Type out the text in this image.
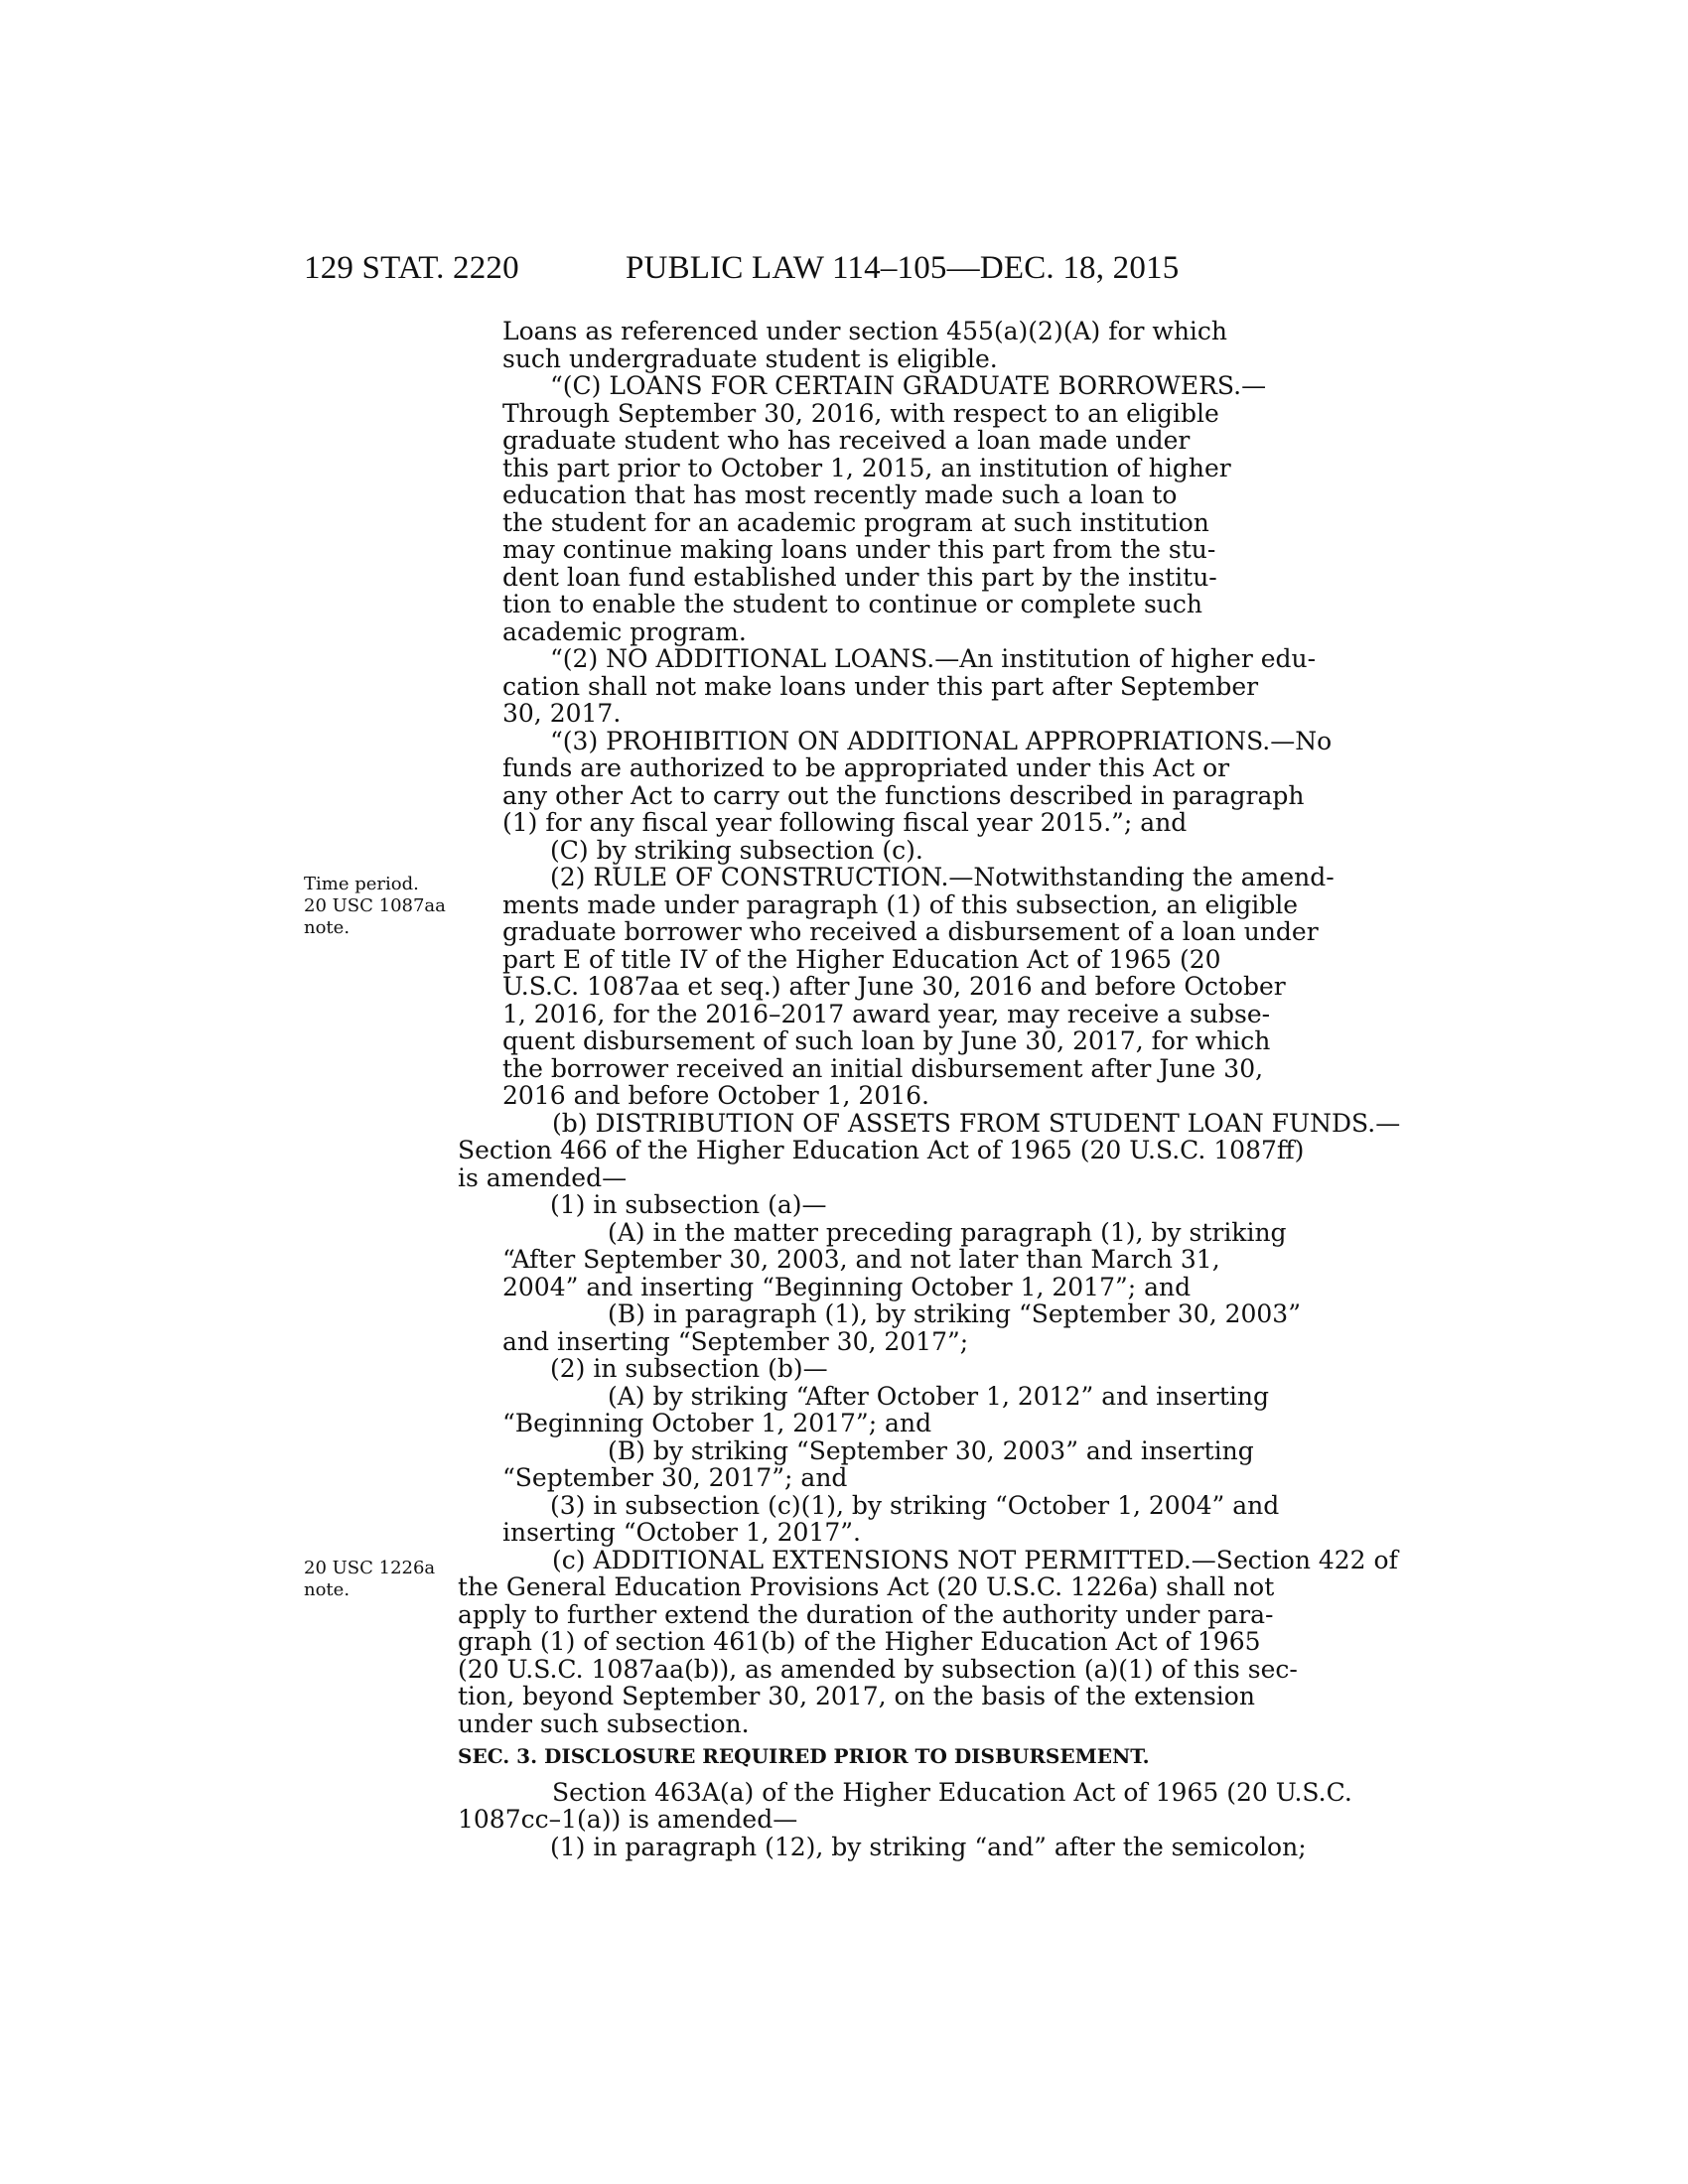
129 STAT. 2220	PUBLIC LAW 114–105—DEC. 18, 2015
Time period.
20 USC 1087aa
note.
20 USC 1226a
note.

Loans as referenced under section 455(a)(2)(A) for which

such undergraduate student is eligible.

“(C) LOANS FOR CERTAIN GRADUATE BORROWERS.—

Through September 30, 2016, with respect to an eligible

graduate student who has received a loan made under

this part prior to October 1, 2015, an institution of higher

education that has most recently made such a loan to

the student for an academic program at such institution

may continue making loans under this part from the stu-

dent loan fund established under this part by the institu-

tion to enable the student to continue or complete such

academic program.

“(2) NO ADDITIONAL LOANS.—An institution of higher edu-

cation shall not make loans under this part after September

30, 2017.

“(3) PROHIBITION ON ADDITIONAL APPROPRIATIONS.—No

funds are authorized to be appropriated under this Act or

any other Act to carry out the functions described in paragraph

(1) for any fiscal year following fiscal year 2015.”; and

(C) by striking subsection (c).

(2) RULE OF CONSTRUCTION.—Notwithstanding the amend-

ments made under paragraph (1) of this subsection, an eligible

graduate borrower who received a disbursement of a loan under

part E of title IV of the Higher Education Act of 1965 (20

U.S.C. 1087aa et seq.) after June 30, 2016 and before October

1, 2016, for the 2016–2017 award year, may receive a subse-

quent disbursement of such loan by June 30, 2017, for which

the borrower received an initial disbursement after June 30,

2016 and before October 1, 2016.

(b) DISTRIBUTION OF ASSETS FROM STUDENT LOAN FUNDS.—

Section 466 of the Higher Education Act of 1965 (20 U.S.C. 1087ff)

is amended—

(1) in subsection (a)—

(A) in the matter preceding paragraph (1), by striking

“After September 30, 2003, and not later than March 31,

2004” and inserting “Beginning October 1, 2017”; and

(B) in paragraph (1), by striking “September 30, 2003”

and inserting “September 30, 2017”;

(2) in subsection (b)—

(A) by striking “After October 1, 2012” and inserting

“Beginning October 1, 2017”; and

(B) by striking “September 30, 2003” and inserting

“September 30, 2017”; and

(3) in subsection (c)(1), by striking “October 1, 2004” and

inserting “October 1, 2017”.

(c) ADDITIONAL EXTENSIONS NOT PERMITTED.—Section 422 of

the General Education Provisions Act (20 U.S.C. 1226a) shall not

apply to further extend the duration of the authority under para-

graph (1) of section 461(b) of the Higher Education Act of 1965

(20 U.S.C. 1087aa(b)), as amended by subsection (a)(1) of this sec-

tion, beyond September 30, 2017, on the basis of the extension

under such subsection.

SEC. 3. DISCLOSURE REQUIRED PRIOR TO DISBURSEMENT.

Section 463A(a) of the Higher Education Act of 1965 (20 U.S.C.

1087cc–1(a)) is amended—

(1) in paragraph (12), by striking “and” after the semicolon;
